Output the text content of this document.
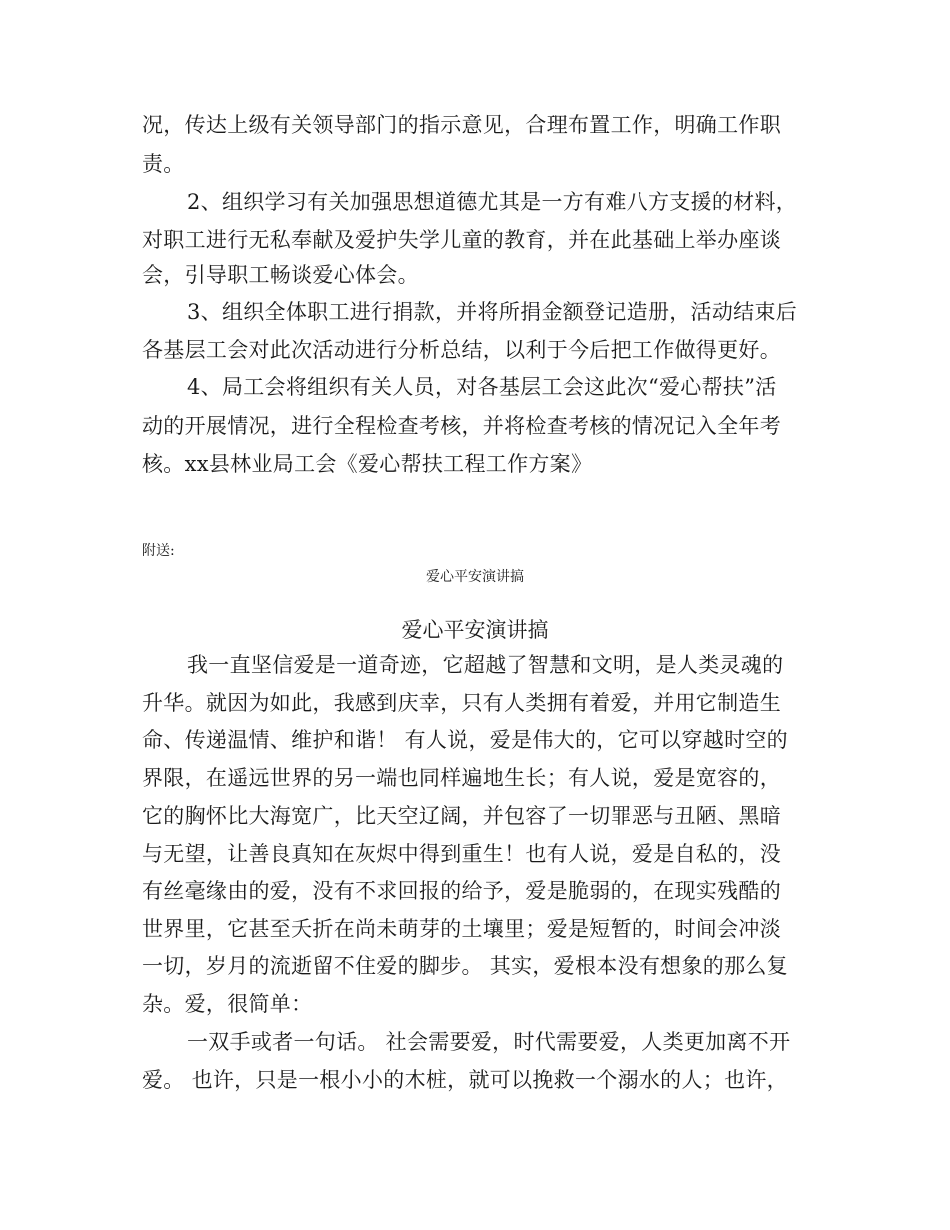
况，传达上级有关领导部门的指示意见，合理布置工作，明确工作职
责。
2、组织学习有关加强思想道德尤其是一方有难八方支援的材料，
对职工进行无私奉献及爱护失学儿童的教育，并在此基础上举办座谈
会，引导职工畅谈爱心体会。
3、组织全体职工进行捐款，并将所捐金额登记造册，活动结束后
各基层工会对此次活动进行分析总结，以利于今后把工作做得更好。
4、局工会将组织有关人员，对各基层工会这此次“爱心帮扶”活
动的开展情况，进行全程检查考核，并将检查考核的情况记入全年考
核。xx县林业局工会《爱心帮扶工程工作方案》
附送:
爱心平安演讲搞
爱心平安演讲搞
我一直坚信爱是一道奇迹，它超越了智慧和文明，是人类灵魂的
升华。就因为如此，我感到庆幸，只有人类拥有着爱，并用它制造生
命、传递温情、维护和谐！ 有人说，爱是伟大的，它可以穿越时空的
界限，在遥远世界的另一端也同样遍地生长；有人说，爱是宽容的，
它的胸怀比大海宽广，比天空辽阔，并包容了一切罪恶与丑陋、黑暗
与无望，让善良真知在灰烬中得到重生！也有人说，爱是自私的，没
有丝毫缘由的爱，没有不求回报的给予，爱是脆弱的，在现实残酷的
世界里，它甚至夭折在尚未萌芽的土壤里；爱是短暂的，时间会冲淡
一切，岁月的流逝留不住爱的脚步。 其实，爱根本没有想象的那么复
杂。爱，很简单：
一双手或者一句话。 社会需要爱，时代需要爱，人类更加离不开
爱。 也许，只是一根小小的木桩，就可以挽救一个溺水的人；也许，
